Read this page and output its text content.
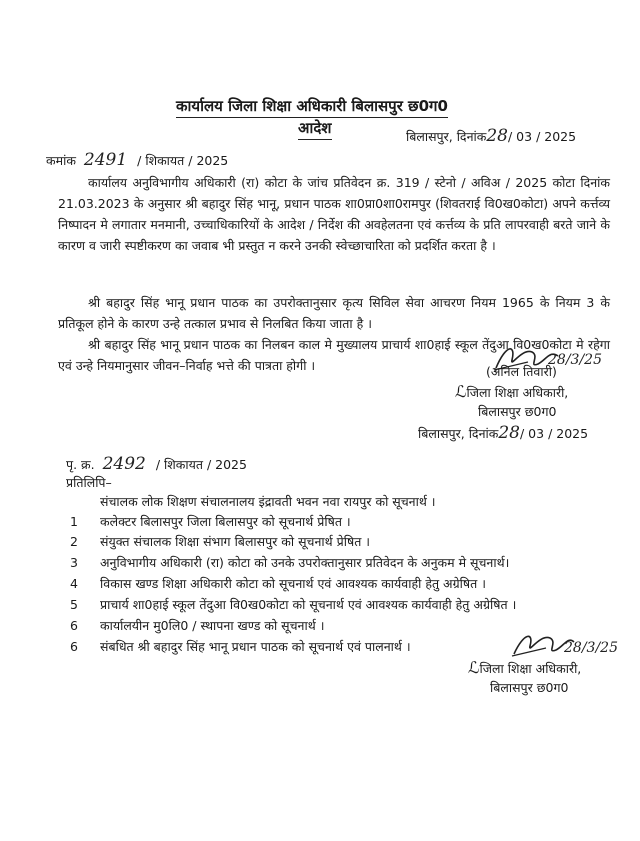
कार्यालय जिला शिक्षा अधिकारी बिलासपुर छ0ग0
आदेश	बिलासपुर, दिनांक28/ 03 / 2025
कमांक 2491 / शिकायत / 2025
कार्यालय अनुविभागीय अधिकारी (रा) कोटा के जांच प्रतिवेदन क्र. 319 / स्टेनो / अविअ / 2025 कोटा दिनांक 21.03.2023 के अनुसार श्री बहादुर सिंह भानू, प्रधान पाठक शा0प्रा0शा0रामपुर (शिवतराई वि0ख0कोटा) अपने कर्त्तव्य निष्पादन मे लगातार मनमानी, उच्चाधिकारियों के आदेश / निर्देश की अवहेलतना एवं कर्त्तव्य के प्रति लापरवाही बरते जाने के कारण व जारी स्पष्टीकरण का जवाब भी प्रस्तुत न करने उनकी स्वेच्छाचारिता को प्रदर्शित करता है ।
श्री बहादुर सिंह भानू प्रधान पाठक का उपरोक्तानुसार कृत्य सिविल सेवा आचरण नियम 1965 के नियम 3 के प्रतिकूल होने के कारण उन्हे तत्काल प्रभाव से निलबित किया जाता है ।
श्री बहादुर सिंह भानू प्रधान पाठक का निलबन काल मे मुख्यालय प्राचार्य शा0हाई स्कूल तेंदुआ वि0ख0कोटा मे रहेगा एवं उन्हे नियमानुसार जीवन–निर्वाह भत्ते की पात्रता होगी ।	28/3/25
(अनिल तिवारी)
ℒजिला शिक्षा अधिकारी,
बिलासपुर छ0ग0
बिलासपुर, दिनांक28/ 03 / 2025
पृ. क्र. 2492 / शिकायत / 2025
प्रतिलिपि–
संचालक लोक शिक्षण संचालनालय इंद्रावती भवन नवा रायपुर को सूचनार्थ ।
1 कलेक्टर बिलासपुर जिला बिलासपुर को सूचनार्थ प्रेषित ।
2 संयुक्त संचालक शिक्षा संभाग बिलासपुर को सूचनार्थ प्रेषित ।
3 अनुविभागीय अधिकारी (रा) कोटा को उनके उपरोक्तानुसार प्रतिवेदन के अनुकम मे सूचनार्थ।
4 विकास खण्ड शिक्षा अधिकारी कोटा को सूचनार्थ एवं आवश्यक कार्यवाही हेतु अग्रेषित ।
5 प्राचार्य शा0हाई स्कूल तेंदुआ वि0ख0कोटा को सूचनार्थ एवं आवश्यक कार्यवाही हेतु अग्रेषित ।
6 कार्यालयीन मु0लि0 / स्थापना खण्ड को सूचनार्थ ।
6 संबधित श्री बहादुर सिंह भानू प्रधान पाठक को सूचनार्थ एवं पालनार्थ ।	28/3/25
ℒजिला शिक्षा अधिकारी,
बिलासपुर छ0ग0
